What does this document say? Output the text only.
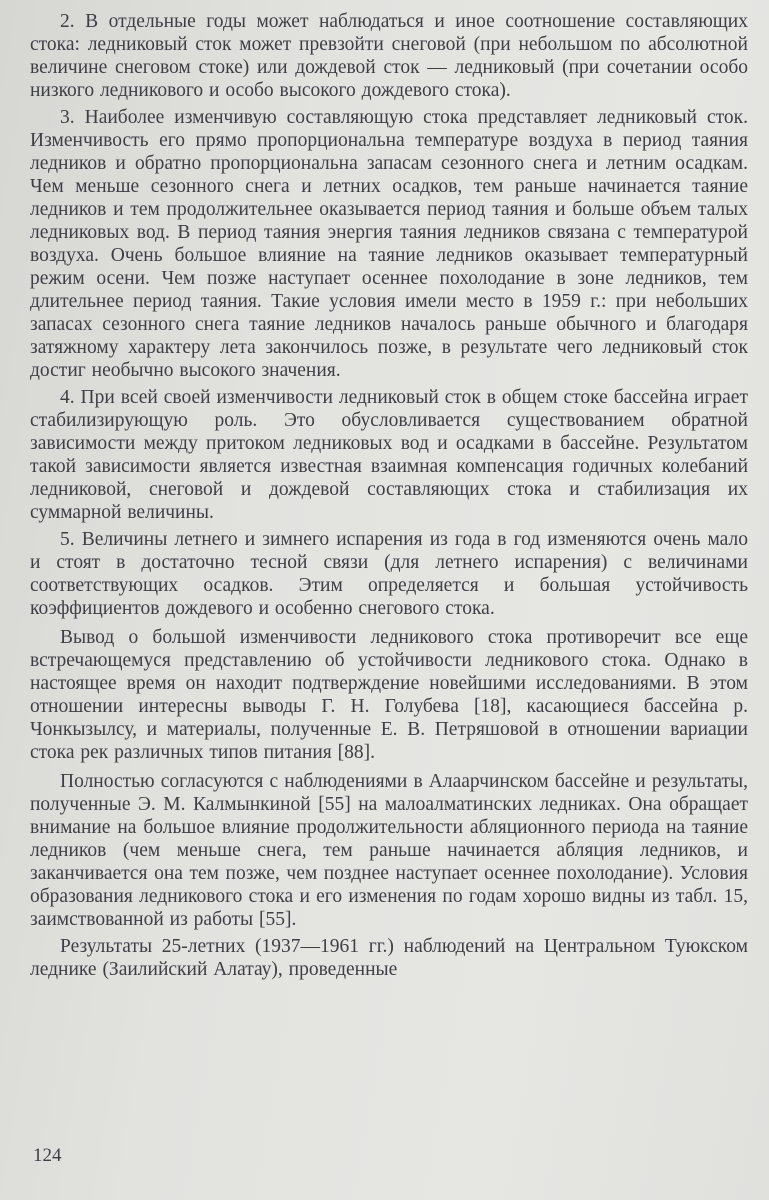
2. В отдельные годы может наблюдаться и иное соотношение составляющих стока: ледниковый сток может превзойти снеговой (при небольшом по абсолютной величине снеговом стоке) или дождевой сток — ледниковый (при сочетании особо низкого ледникового и особо высокого дождевого стока).

3. Наиболее изменчивую составляющую стока представляет ледниковый сток. Изменчивость его прямо пропорциональна температуре воздуха в период таяния ледников и обратно пропорциональна запасам сезонного снега и летним осадкам. Чем меньше сезонного снега и летних осадков, тем раньше начинается таяние ледников и тем продолжительнее оказывается период таяния и больше объем талых ледниковых вод. В период таяния энергия таяния ледников связана с температурой воздуха. Очень большое влияние на таяние ледников оказывает температурный режим осени. Чем позже наступает осеннее похолодание в зоне ледников, тем длительнее период таяния. Такие условия имели место в 1959 г.: при небольших запасах сезонного снега таяние ледников началось раньше обычного и благодаря затяжному характеру лета закончилось позже, в результате чего ледниковый сток достиг необычно высокого значения.

4. При всей своей изменчивости ледниковый сток в общем стоке бассейна играет стабилизирующую роль. Это обусловливается существованием обратной зависимости между притоком ледниковых вод и осадками в бассейне. Результатом такой зависимости является известная взаимная компенсация годичных колебаний ледниковой, снеговой и дождевой составляющих стока и стабилизация их суммарной величины.

5. Величины летнего и зимнего испарения из года в год изменяются очень мало и стоят в достаточно тесной связи (для летнего испарения) с величинами соответствующих осадков. Этим определяется и большая устойчивость коэффициентов дождевого и особенно снегового стока.

Вывод о большой изменчивости ледникового стока противоречит все еще встречающемуся представлению об устойчивости ледникового стока. Однако в настоящее время он находит подтверждение новейшими исследованиями. В этом отношении интересны выводы Г. Н. Голубева [18], касающиеся бассейна р. Чонкызылсу, и материалы, полученные Е. В. Петряшовой в отношении вариации стока рек различных типов питания [88].

Полностью согласуются с наблюдениями в Алаарчинском бассейне и результаты, полученные Э. М. Калмынкиной [55] на малоалматинских ледниках. Она обращает внимание на большое влияние продолжительности абляционного периода на таяние ледников (чем меньше снега, тем раньше начинается абляция ледников, и заканчивается она тем позже, чем позднее наступает осеннее похолодание). Условия образования ледникового стока и его изменения по годам хорошо видны из табл. 15, заимствованной из работы [55].

Результаты 25-летних (1937—1961 гг.) наблюдений на Центральном Туюкском леднике (Заилийский Алатау), проведенные

124
